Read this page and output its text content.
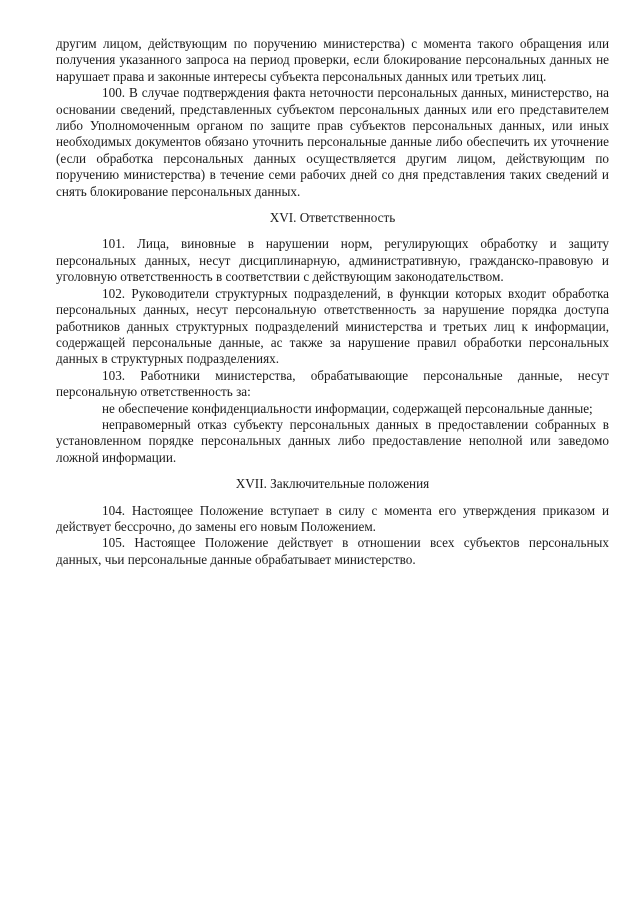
другим лицом, действующим по поручению министерства) с момента такого обращения или получения указанного запроса на период проверки, если блокирование персональных данных не нарушает права и законные интересы субъекта персональных данных или третьих лиц.

100. В случае подтверждения факта неточности персональных данных, министерство, на основании сведений, представленных субъектом персональных данных или его представителем либо Уполномоченным органом по защите прав субъектов персональных данных, или иных необходимых документов обязано уточнить персональные данные либо обеспечить их уточнение (если обработка персональных данных осуществляется другим лицом, действующим по поручению министерства) в течение семи рабочих дней со дня представления таких сведений и снять блокирование персональных данных.

XVI. Ответственность

101. Лица, виновные в нарушении норм, регулирующих обработку и защиту персональных данных, несут дисциплинарную, административную, гражданско-правовую и уголовную ответственность в соответствии с действующим законодательством.

102. Руководители структурных подразделений, в функции которых входит обработка персональных данных, несут персональную ответственность за нарушение порядка доступа работников данных структурных подразделений министерства и третьих лиц к информации, содержащей персональные данные, ас также за нарушение правил обработки персональных данных в структурных подразделениях.

103. Работники министерства, обрабатывающие персональные данные, несут персональную ответственность за:

не обеспечение конфиденциальности информации, содержащей персональные данные;

неправомерный отказ субъекту персональных данных в предоставлении собранных в установленном порядке персональных данных либо предоставление неполной или заведомо ложной информации.

XVII. Заключительные положения

104. Настоящее Положение вступает в силу с момента его утверждения приказом и действует бессрочно, до замены его новым Положением.

105. Настоящее Положение действует в отношении всех субъектов персональных данных, чьи персональные данные обрабатывает министерство.
